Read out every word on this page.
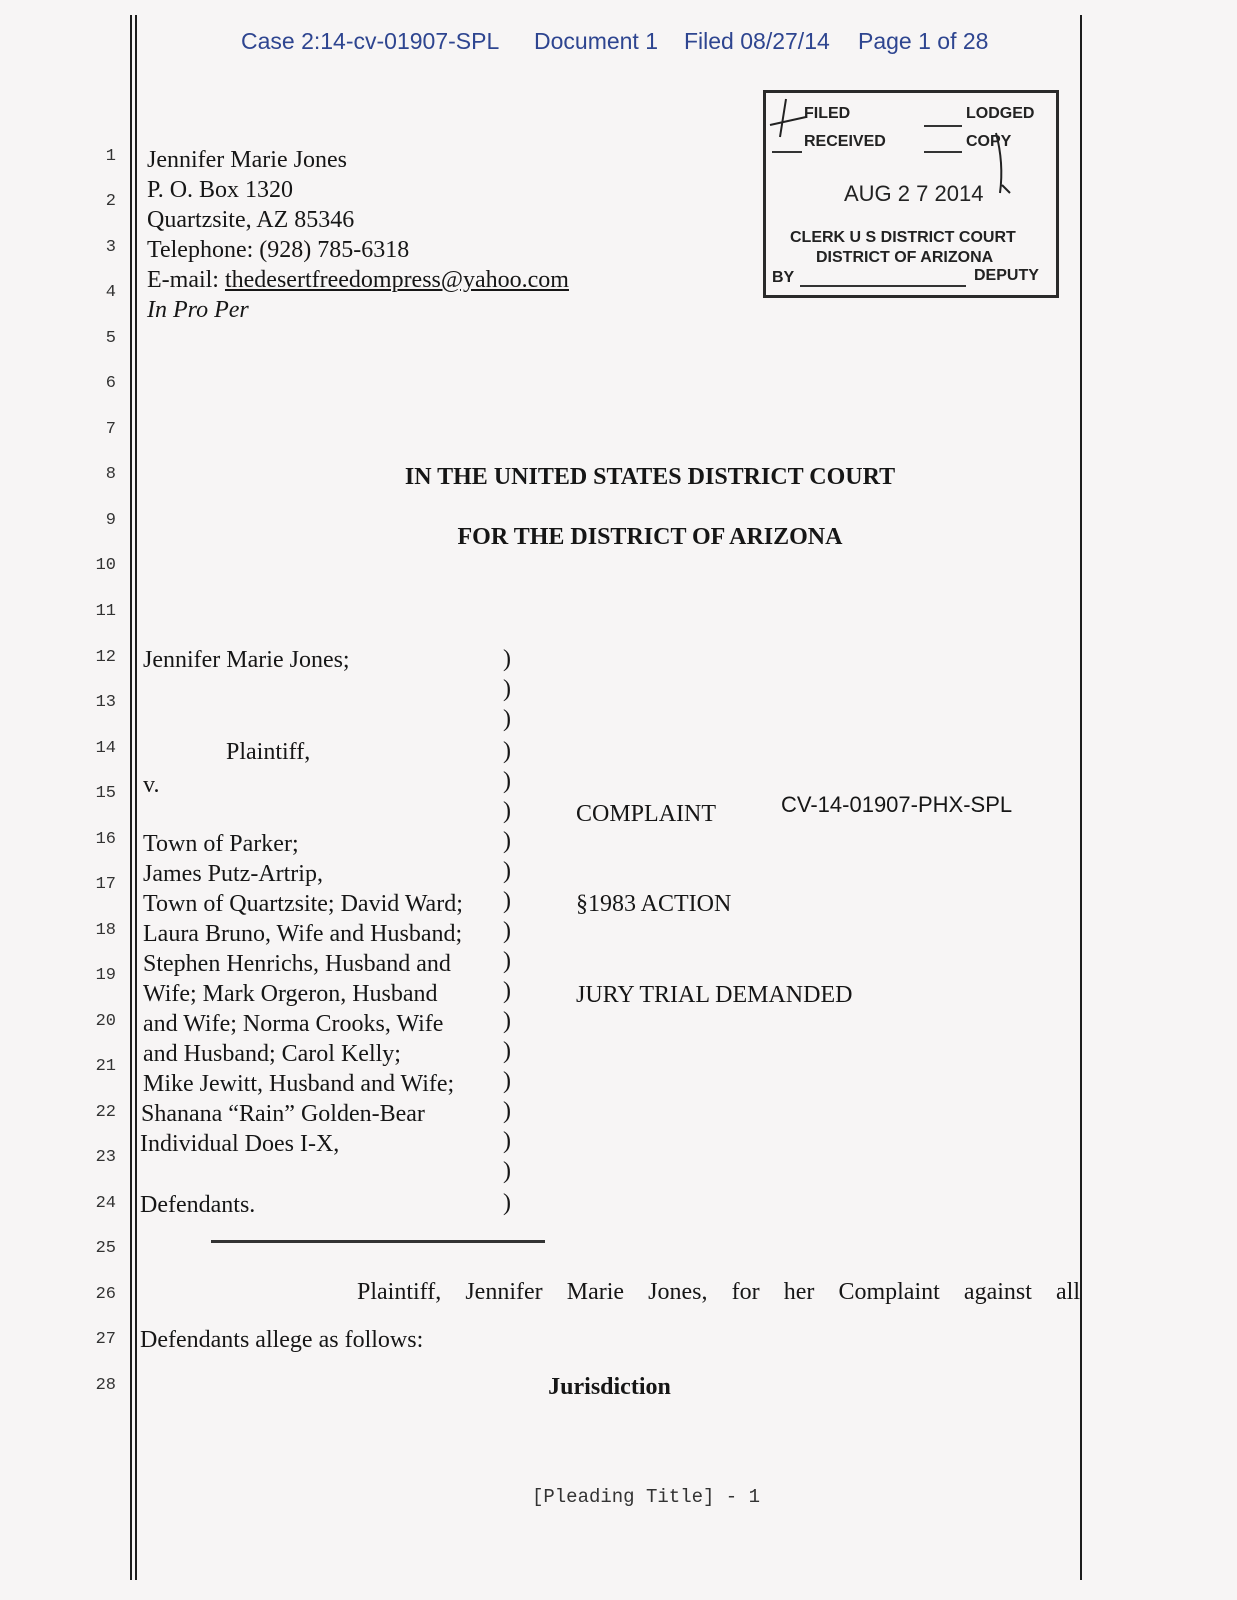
Case 2:14-cv-01907-SPL Document 1 Filed 08/27/14 Page 1 of 28
FILED	LODGED
RECEIVED	COPY
AUG 2 7 2014
CLERK U S DISTRICT COURT
DISTRICT OF ARIZONA
BY	DEPUTY
1
2
3
4
5
6
7
8
9
10
11
12
13
14
15
16
17
18
19
20
21
22
23
24
25
26
27
28
Jennifer Marie Jones
P. O. Box 1320
Quartzsite, AZ 85346
Telephone: (928) 785-6318
E-mail: thedesertfreedompress@yahoo.com
In Pro Per
IN THE UNITED STATES DISTRICT COURT
FOR THE DISTRICT OF ARIZONA
Jennifer Marie Jones;
Plaintiff,
v.
Town of Parker;
James Putz-Artrip,
Town of Quartzsite; David Ward;
Laura Bruno, Wife and Husband;
Stephen Henrichs, Husband and
Wife; Mark Orgeron, Husband
and Wife; Norma Crooks, Wife
and Husband; Carol Kelly;
Mike Jewitt, Husband and Wife;
Shanana “Rain” Golden-Bear
Individual Does I-X,
Defendants.
)
)
)
)
)
)
)
)
)
)
)
)
)
)
)
)
)
)
)
COMPLAINT	CV-14-01907-PHX-SPL
§1983 ACTION
JURY TRIAL DEMANDED
Plaintiff, Jennifer Marie Jones, for her Complaint against all
Defendants allege as follows:
Jurisdiction
[Pleading Title] - 1
